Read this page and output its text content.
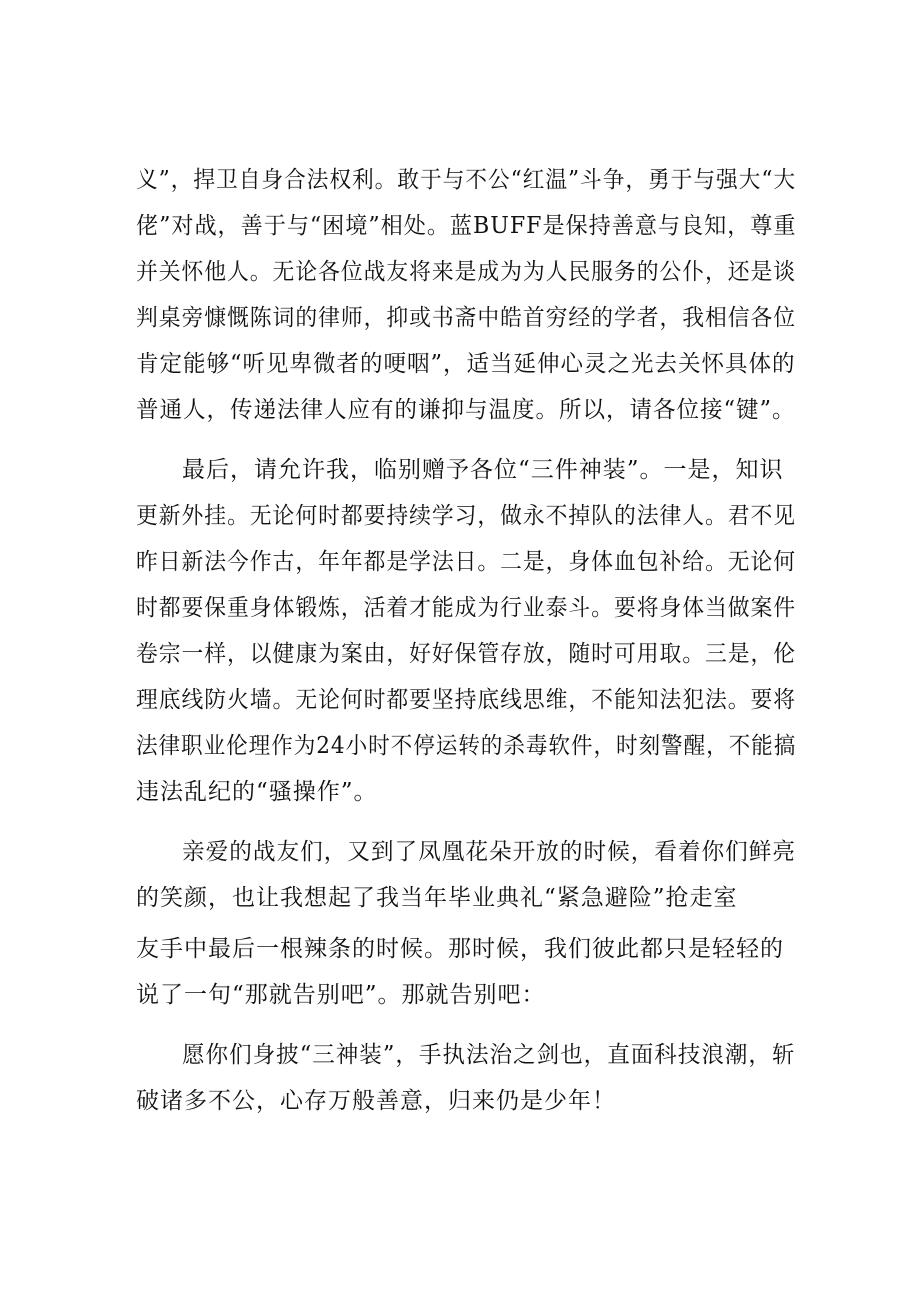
义”，捍卫自身合法权利。敢于与不公“红温”斗争，勇于与强大“大
佬”对战，善于与“困境”相处。蓝BUFF是保持善意与良知，尊重
并关怀他人。无论各位战友将来是成为为人民服务的公仆，还是谈
判桌旁慷慨陈词的律师，抑或书斋中皓首穷经的学者，我相信各位
肯定能够“听见卑微者的哽咽”，适当延伸心灵之光去关怀具体的
普通人，传递法律人应有的谦抑与温度。所以，请各位接“键”。
最后，请允许我，临别赠予各位“三件神装”。一是，知识
更新外挂。无论何时都要持续学习，做永不掉队的法律人。君不见
昨日新法今作古，年年都是学法日。二是，身体血包补给。无论何
时都要保重身体锻炼，活着才能成为行业泰斗。要将身体当做案件
卷宗一样，以健康为案由，好好保管存放，随时可用取。三是，伦
理底线防火墙。无论何时都要坚持底线思维，不能知法犯法。要将
法律职业伦理作为24小时不停运转的杀毒软件，时刻警醒，不能搞
违法乱纪的“骚操作”。
亲爱的战友们，又到了凤凰花朵开放的时候，看着你们鲜亮
的笑颜，也让我想起了我当年毕业典礼“紧急避险”抢走室
友手中最后一根辣条的时候。那时候，我们彼此都只是轻轻的
说了一句“那就告别吧”。那就告别吧：
愿你们身披“三神装”，手执法治之剑也，直面科技浪潮，斩
破诸多不公，心存万般善意，归来仍是少年！
